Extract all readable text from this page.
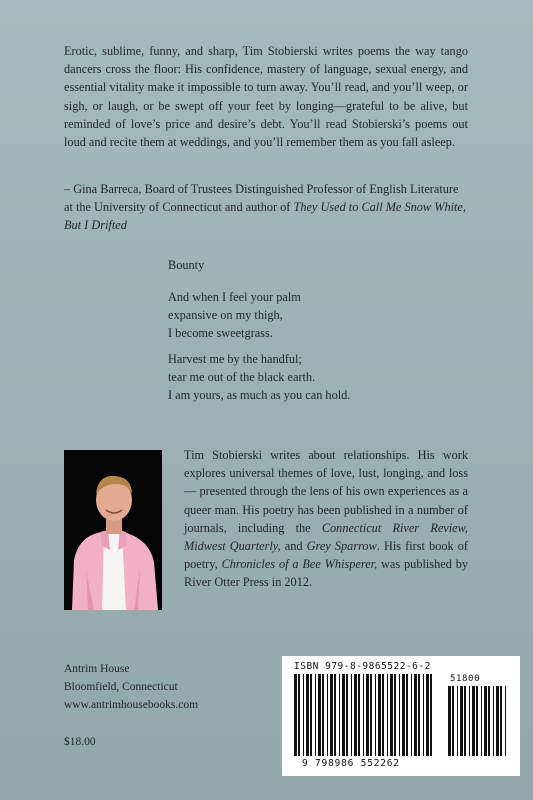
Erotic, sublime, funny, and sharp, Tim Stobierski writes poems the way tango dancers cross the floor: His confidence, mastery of language, sexual energy, and essential vitality make it impossible to turn away. You’ll read, and you’ll weep, or sigh, or laugh, or be swept off your feet by longing—grateful to be alive, but reminded of love’s price and desire’s debt. You’ll read Stobierski’s poems out loud and recite them at weddings, and you’ll remember them as you fall asleep.

– Gina Barreca, Board of Trustees Distinguished Professor of English Literature at the University of Connecticut and author of They Used to Call Me Snow White, But I Drifted

Bounty

And when I feel your palm
expansive on my thigh,
I become sweetgrass.

Harvest me by the handful;
tear me out of the black earth.
I am yours, as much as you can hold.

Tim Stobierski writes about relationships. His work explores universal themes of love, lust, longing, and loss — presented through the lens of his own experiences as a queer man. His poetry has been published in a number of journals, including the Connecticut River Review, Midwest Quarterly, and Grey Sparrow. His first book of poetry, Chronicles of a Bee Whisperer, was published by River Otter Press in 2012.

Antrim House
Bloomfield, Connecticut
www.antrimhousebooks.com

$18.00

ISBN 979-8-9865522-6-2
51800
9 798986 552262
